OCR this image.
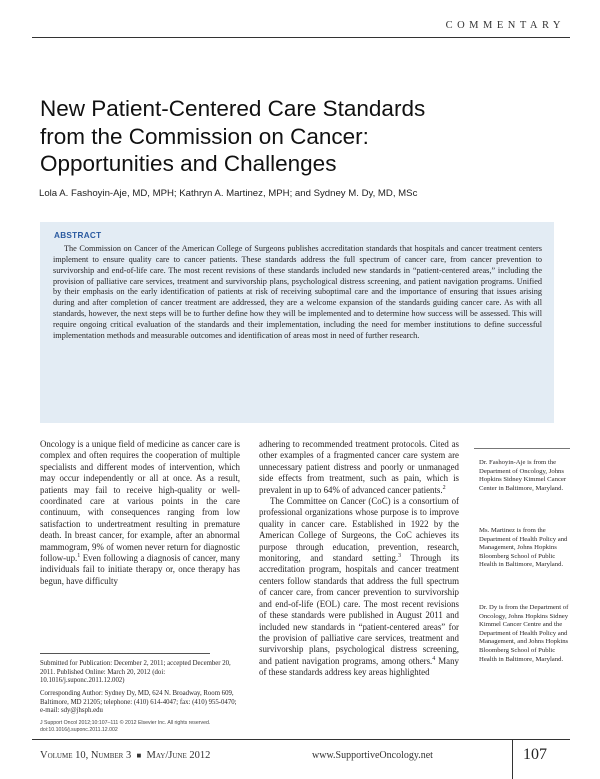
COMMENTARY
New Patient-Centered Care Standards
from the Commission on Cancer:
Opportunities and Challenges
Lola A. Fashoyin-Aje, MD, MPH; Kathryn A. Martinez, MPH; and Sydney M. Dy, MD, MSc
ABSTRACT
The Commission on Cancer of the American College of Surgeons publishes accreditation standards that hospitals and cancer treatment centers implement to ensure quality care to cancer patients. These standards address the full spectrum of cancer care, from cancer prevention to survivorship and end-of-life care. The most recent revisions of these standards included new standards in “patient-centered areas,” including the provision of palliative care services, treatment and survivorship plans, psychological distress screening, and patient navigation programs. Unified by their emphasis on the early identification of patients at risk of receiving suboptimal care and the importance of ensuring that issues arising during and after completion of cancer treatment are addressed, they are a welcome expansion of the standards guiding cancer care. As with all standards, however, the next steps will be to further define how they will be implemented and to determine how success will be assessed. This will require ongoing critical evaluation of the standards and their implementation, including the need for member institutions to define successful implementation methods and measurable outcomes and identification of areas most in need of further research.
Oncology is a unique field of medicine as cancer care is complex and often requires the cooperation of multiple specialists and different modes of intervention, which may occur independently or all at once. As a result, patients may fail to receive high-quality or well-coordinated care at various points in the care continuum, with consequences ranging from low satisfaction to undertreatment resulting in premature death. In breast cancer, for example, after an abnormal mammogram, 9% of women never return for diagnostic follow-up.$^1$ Even following a diagnosis of cancer, many individuals fail to initiate therapy or, once therapy has begun, have difficulty

adhering to recommended treatment protocols. Cited as other examples of a fragmented cancer care system are unnecessary patient distress and poorly or unmanaged side effects from treatment, such as pain, which is prevalent in up to 64% of advanced cancer patients.$^2$

The Committee on Cancer (CoC) is a consortium of professional organizations whose purpose is to improve quality in cancer care. Established in 1922 by the American College of Surgeons, the CoC achieves its purpose through education, prevention, research, monitoring, and standard setting.$^3$ Through its accreditation program, hospitals and cancer treatment centers follow standards that address the full spectrum of cancer care, from cancer prevention to survivorship and end-of-life (EOL) care. The most recent revisions of these standards were published in August 2011 and included new standards in “patient-centered areas” for the provision of palliative care services, treatment and survivorship plans, psychological distress screening, and patient navigation programs, among others.$^4$ Many of these standards address key areas highlighted

Dr. Fashoyin-Aje is from the Department of Oncology, Johns Hopkins Sidney Kimmel Cancer Center in Baltimore, Maryland.
Ms. Martinez is from the Department of Health Policy and Management, Johns Hopkins Bloomberg School of Public Health in Baltimore, Maryland.
Dr. Dy is from the Department of Oncology, Johns Hopkins Sidney Kimmel Cancer Centre and the Department of Health Policy and Management, and Johns Hopkins Bloomberg School of Public Health in Baltimore, Maryland.
Submitted for Publication: December 2, 2011; accepted December 20, 2011. Published Online: March 20, 2012 (doi: 10.1016/j.suponc.2011.12.002)
Corresponding Author: Sydney Dy, MD, 624 N. Broadway, Room 609, Baltimore, MD 21205; telephone: (410) 614-4047; fax: (410) 955-0470; e-mail: sdy@jhsph.edu
J Support Oncol 2012;10:107–111 © 2012 Elsevier Inc. All rights reserved.
doi:10.1016/j.suponc.2011.12.002
Volume 10, Number 3 ■ May/June 2012	www.SupportiveOncology.net	107
